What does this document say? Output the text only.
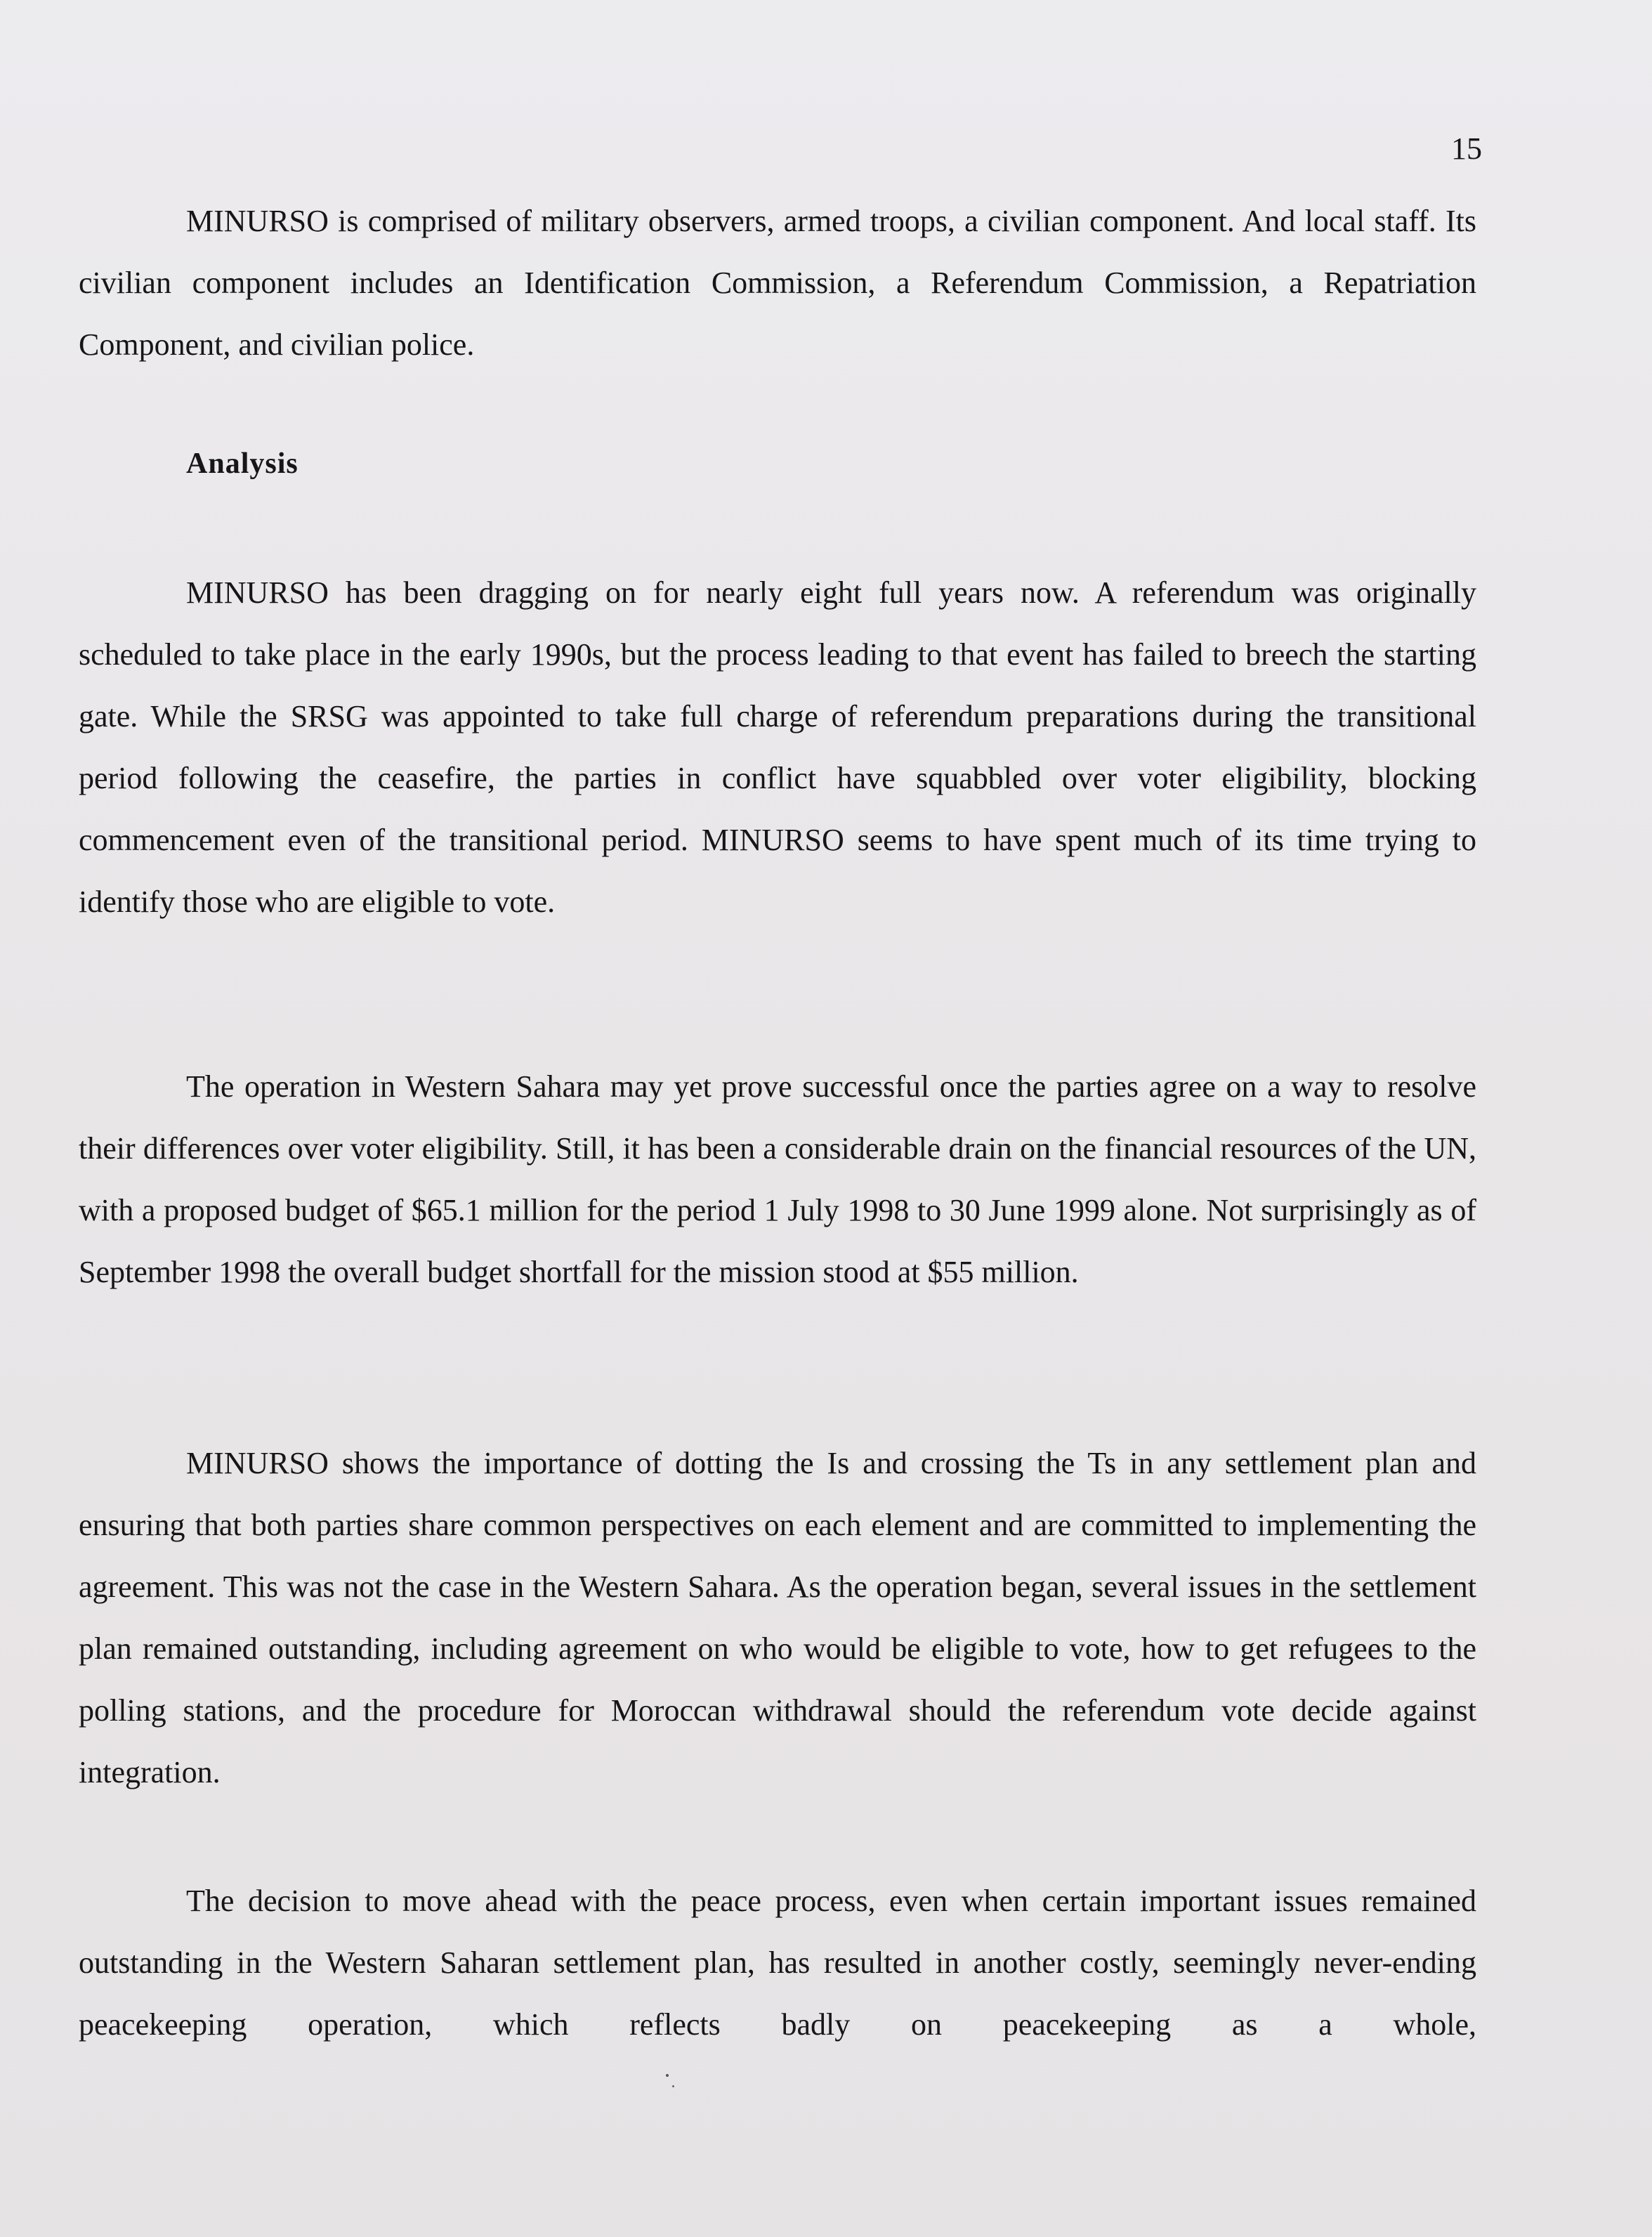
15

MINURSO is comprised of military observers, armed troops, a civilian component. And local staff. Its civilian component includes an Identification Commission, a Referendum Commission, a Repatriation Component, and civilian police.

Analysis

MINURSO has been dragging on for nearly eight full years now. A referendum was originally scheduled to take place in the early 1990s, but the process leading to that event has failed to breech the starting gate. While the SRSG was appointed to take full charge of referendum preparations during the transitional period following the ceasefire, the parties in conflict have squabbled over voter eligibility, blocking commencement even of the transitional period. MINURSO seems to have spent much of its time trying to identify those who are eligible to vote.

The operation in Western Sahara may yet prove successful once the parties agree on a way to resolve their differences over voter eligibility. Still, it has been a considerable drain on the financial resources of the UN, with a proposed budget of $65.1 million for the period 1 July 1998 to 30 June 1999 alone. Not surprisingly as of September 1998 the overall budget shortfall for the mission stood at $55 million.

MINURSO shows the importance of dotting the Is and crossing the Ts in any settlement plan and ensuring that both parties share common perspectives on each element and are committed to implementing the agreement. This was not the case in the Western Sahara. As the operation began, several issues in the settlement plan remained outstanding, including agreement on who would be eligible to vote, how to get refugees to the polling stations, and the procedure for Moroccan withdrawal should the referendum vote decide against integration.

The decision to move ahead with the peace process, even when certain important issues remained outstanding in the Western Saharan settlement plan, has resulted in another costly, seemingly never-ending peacekeeping operation, which reflects badly on peacekeeping as a whole,
